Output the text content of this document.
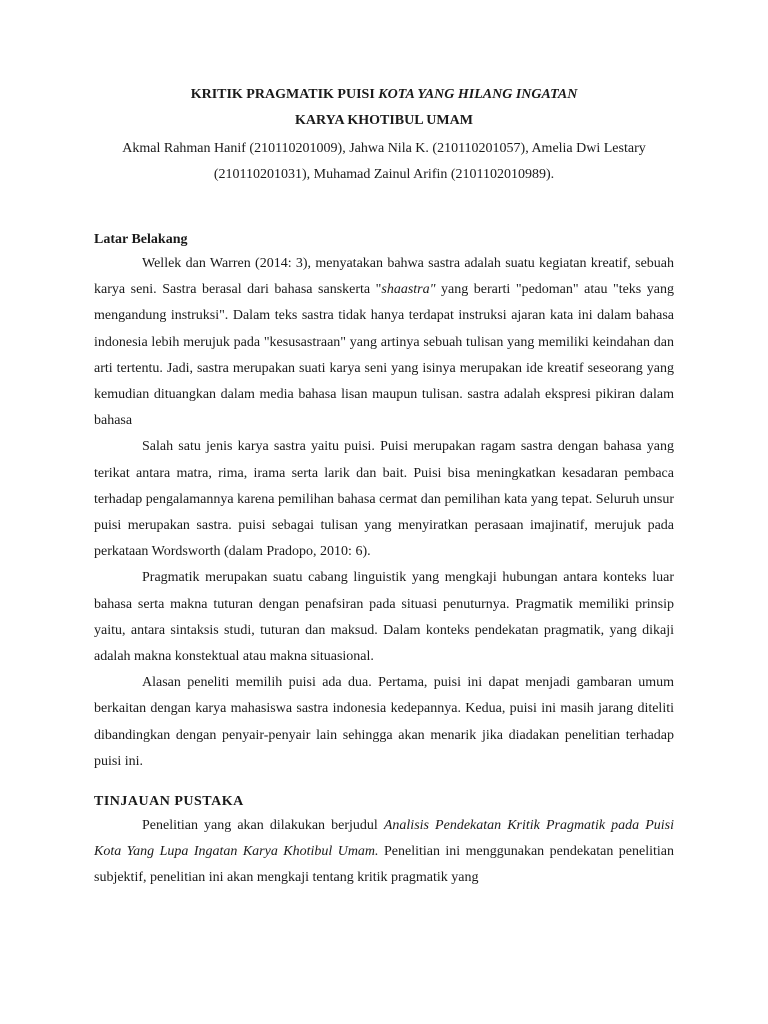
KRITIK PRAGMATIK PUISI KOTA YANG HILANG INGATAN

KARYA KHOTIBUL UMAM

Akmal Rahman Hanif (210110201009), Jahwa Nila K. (210110201057), Amelia Dwi Lestary (210110201031), Muhamad Zainul Arifin (2101102010989).

Latar Belakang

Wellek dan Warren (2014: 3), menyatakan bahwa sastra adalah suatu kegiatan kreatif, sebuah karya seni. Sastra berasal dari bahasa sanskerta "shaastra" yang berarti "pedoman" atau "teks yang mengandung instruksi". Dalam teks sastra tidak hanya terdapat instruksi ajaran kata ini dalam bahasa indonesia lebih merujuk pada "kesusastraan" yang artinya sebuah tulisan yang memiliki keindahan dan arti tertentu. Jadi, sastra merupakan suati karya seni yang isinya merupakan ide kreatif seseorang yang kemudian dituangkan dalam media bahasa lisan maupun tulisan. sastra adalah ekspresi pikiran dalam bahasa

Salah satu jenis karya sastra yaitu puisi. Puisi merupakan ragam sastra dengan bahasa yang terikat antara matra, rima, irama serta larik dan bait. Puisi bisa meningkatkan kesadaran pembaca terhadap pengalamannya karena pemilihan bahasa cermat dan pemilihan kata yang tepat. Seluruh unsur puisi merupakan sastra. puisi sebagai tulisan yang menyiratkan perasaan imajinatif, merujuk pada perkataan Wordsworth (dalam Pradopo, 2010: 6).

Pragmatik merupakan suatu cabang linguistik yang mengkaji hubungan antara konteks luar bahasa serta makna tuturan dengan penafsiran pada situasi penuturnya. Pragmatik memiliki prinsip yaitu, antara sintaksis studi, tuturan dan maksud. Dalam konteks pendekatan pragmatik, yang dikaji adalah makna konstektual atau makna situasional.

Alasan peneliti memilih puisi ada dua. Pertama, puisi ini dapat menjadi gambaran umum berkaitan dengan karya mahasiswa sastra indonesia kedepannya. Kedua, puisi ini masih jarang diteliti dibandingkan dengan penyair-penyair lain sehingga akan menarik jika diadakan penelitian terhadap puisi ini.

TINJAUAN PUSTAKA

Penelitian yang akan dilakukan berjudul Analisis Pendekatan Kritik Pragmatik pada Puisi Kota Yang Lupa Ingatan Karya Khotibul Umam. Penelitian ini menggunakan pendekatan penelitian subjektif, penelitian ini akan mengkaji tentang kritik pragmatik yang
